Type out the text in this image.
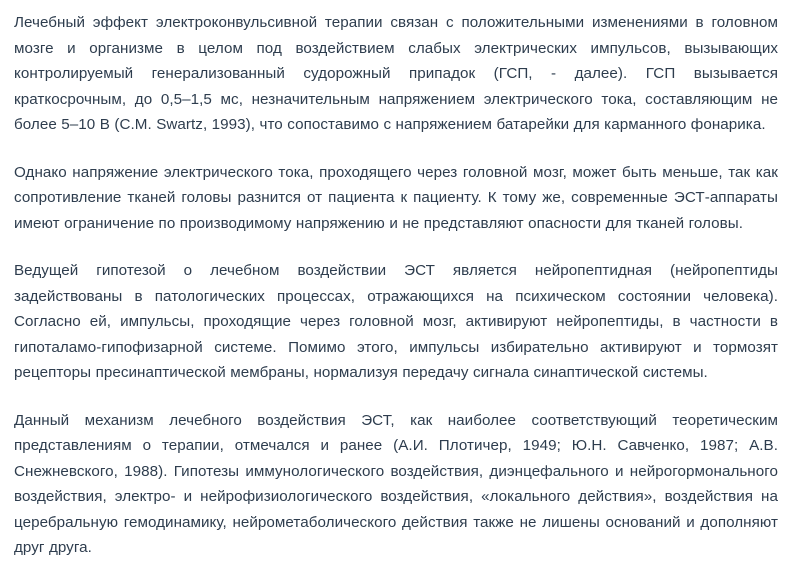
Лечебный эффект электроконвульсивной терапии связан с положительными изменениями в головном мозге и организме в целом под воздействием слабых электрических импульсов, вызывающих контролируемый генерализованный судорожный припадок (ГСП, - далее). ГСП вызывается краткосрочным, до 0,5–1,5 мс, незначительным напряжением электрического тока, составляющим не более 5–10 В (С.М. Swartz, 1993), что сопоставимо с напряжением батарейки для карманного фонарика.

Однако напряжение электрического тока, проходящего через головной мозг, может быть меньше, так как сопротивление тканей головы разнится от пациента к пациенту. К тому же, современные ЭСТ-аппараты имеют ограничение по производимому напряжению и не представляют опасности для тканей головы.

Ведущей гипотезой о лечебном воздействии ЭСТ является нейропептидная (нейропептиды задействованы в патологических процессах, отражающихся на психическом состоянии человека). Согласно ей, импульсы, проходящие через головной мозг, активируют нейропептиды, в частности в гипоталамо-гипофизарной системе. Помимо этого, импульсы избирательно активируют и тормозят рецепторы пресинаптической мембраны, нормализуя передачу сигнала синаптической системы.

Данный механизм лечебного воздействия ЭСТ, как наиболее соответствующий теоретическим представлениям о терапии, отмечался и ранее (А.И. Плотичер, 1949; Ю.Н. Савченко, 1987; А.В. Снежневского, 1988). Гипотезы иммунологического воздействия, диэнцефального и нейрогормонального воздействия, электро- и нейрофизиологического воздействия, «локального действия», воздействия на церебральную гемодинамику, нейрометаболического действия также не лишены оснований и дополняют друг друга.
